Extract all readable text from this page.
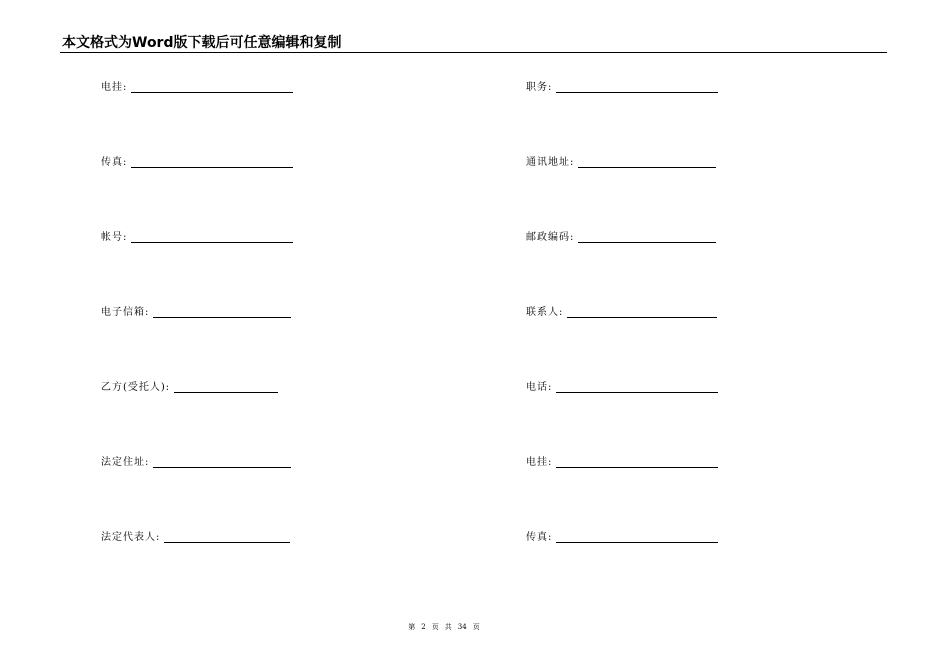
本文格式为Word版下载后可任意编辑和复制
电挂:
传真:
帐号:
电子信箱:
乙方(受托人):
法定住址:
法定代表人:
职务:
通讯地址:
邮政编码:
联系人:
电话:
电挂:
传真:
第 2 页 共 34 页
